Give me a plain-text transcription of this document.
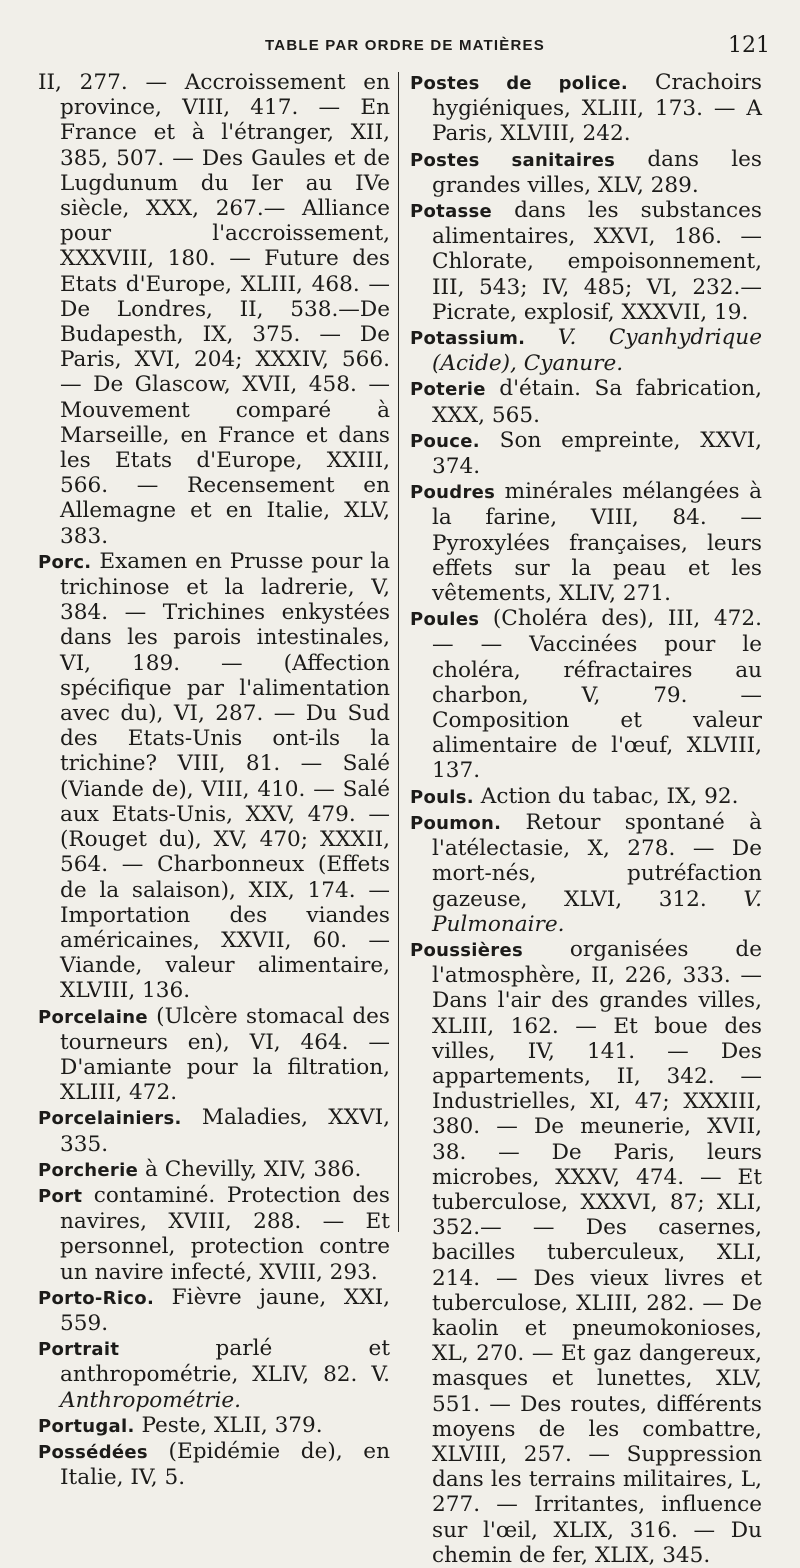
TABLE PAR ORDRE DE MATIÈRES	121

II, 277. — Accroissement en province, VIII, 417. — En France et à l'étranger, XII, 385, 507. — Des Gaules et de Lugdunum du Ier au IVe siècle, XXX, 267.— Alliance pour l'accroissement, XXXVIII, 180. — Future des Etats d'Europe, XLIII, 468. — De Londres, II, 538.—De Budapesth, IX, 375. — De Paris, XVI, 204; XXXIV, 566. — De Glascow, XVII, 458. — Mouvement comparé à Marseille, en France et dans les Etats d'Europe, XXIII, 566. — Recensement en Allemagne et en Italie, XLV, 383.

Porc. Examen en Prusse pour la trichinose et la ladrerie, V, 384. — Trichines enkystées dans les parois intestinales, VI, 189. — (Affection spécifique par l'alimentation avec du), VI, 287. — Du Sud des Etats-Unis ont-ils la trichine? VIII, 81. — Salé (Viande de), VIII, 410. — Salé aux Etats-Unis, XXV, 479. — (Rouget du), XV, 470; XXXII, 564. — Charbonneux (Effets de la salaison), XIX, 174. — Importation des viandes américaines, XXVII, 60. — Viande, valeur alimentaire, XLVIII, 136.

Porcelaine (Ulcère stomacal des tourneurs en), VI, 464. — D'amiante pour la filtration, XLIII, 472.

Porcelainiers. Maladies, XXVI, 335.

Porcherie à Chevilly, XIV, 386.

Port contaminé. Protection des navires, XVIII, 288. — Et personnel, protection contre un navire infecté, XVIII, 293.

Porto-Rico. Fièvre jaune, XXI, 559.

Portrait parlé et anthropométrie, XLIV, 82. V. Anthropométrie.

Portugal. Peste, XLII, 379.

Possédées (Epidémie de), en Italie, IV, 5.

Postes de police. Crachoirs hygiéniques, XLIII, 173. — A Paris, XLVIII, 242.

Postes sanitaires dans les grandes villes, XLV, 289.

Potasse dans les substances alimentaires, XXVI, 186. — Chlorate, empoisonnement, III, 543; IV, 485; VI, 232.— Picrate, explosif, XXXVII, 19.

Potassium. V. Cyanhydrique (Acide), Cyanure.

Poterie d'étain. Sa fabrication, XXX, 565.

Pouce. Son empreinte, XXVI, 374.

Poudres minérales mélangées à la farine, VIII, 84. — Pyroxylées françaises, leurs effets sur la peau et les vêtements, XLIV, 271.

Poules (Choléra des), III, 472. — — Vaccinées pour le choléra, réfractaires au charbon, V, 79. — Composition et valeur alimentaire de l'œuf, XLVIII, 137.

Pouls. Action du tabac, IX, 92.

Poumon. Retour spontané à l'atélectasie, X, 278. — De mort-nés, putréfaction gazeuse, XLVI, 312. V. Pulmonaire.

Poussières organisées de l'atmosphère, II, 226, 333. — Dans l'air des grandes villes, XLIII, 162. — Et boue des villes, IV, 141. — Des appartements, II, 342. — Industrielles, XI, 47; XXXIII, 380. — De meunerie, XVII, 38. — De Paris, leurs microbes, XXXV, 474. — Et tuberculose, XXXVI, 87; XLI, 352.— — Des casernes, bacilles tuberculeux, XLI, 214. — Des vieux livres et tuberculose, XLIII, 282. — De kaolin et pneumokonioses, XL, 270. — Et gaz dangereux, masques et lunettes, XLV, 551. — Des routes, différents moyens de les combattre, XLVIII, 257. — Suppression dans les terrains militaires, L, 277. — Irritantes, influence sur l'œil, XLIX, 316. — Du chemin de fer, XLIX, 345.
